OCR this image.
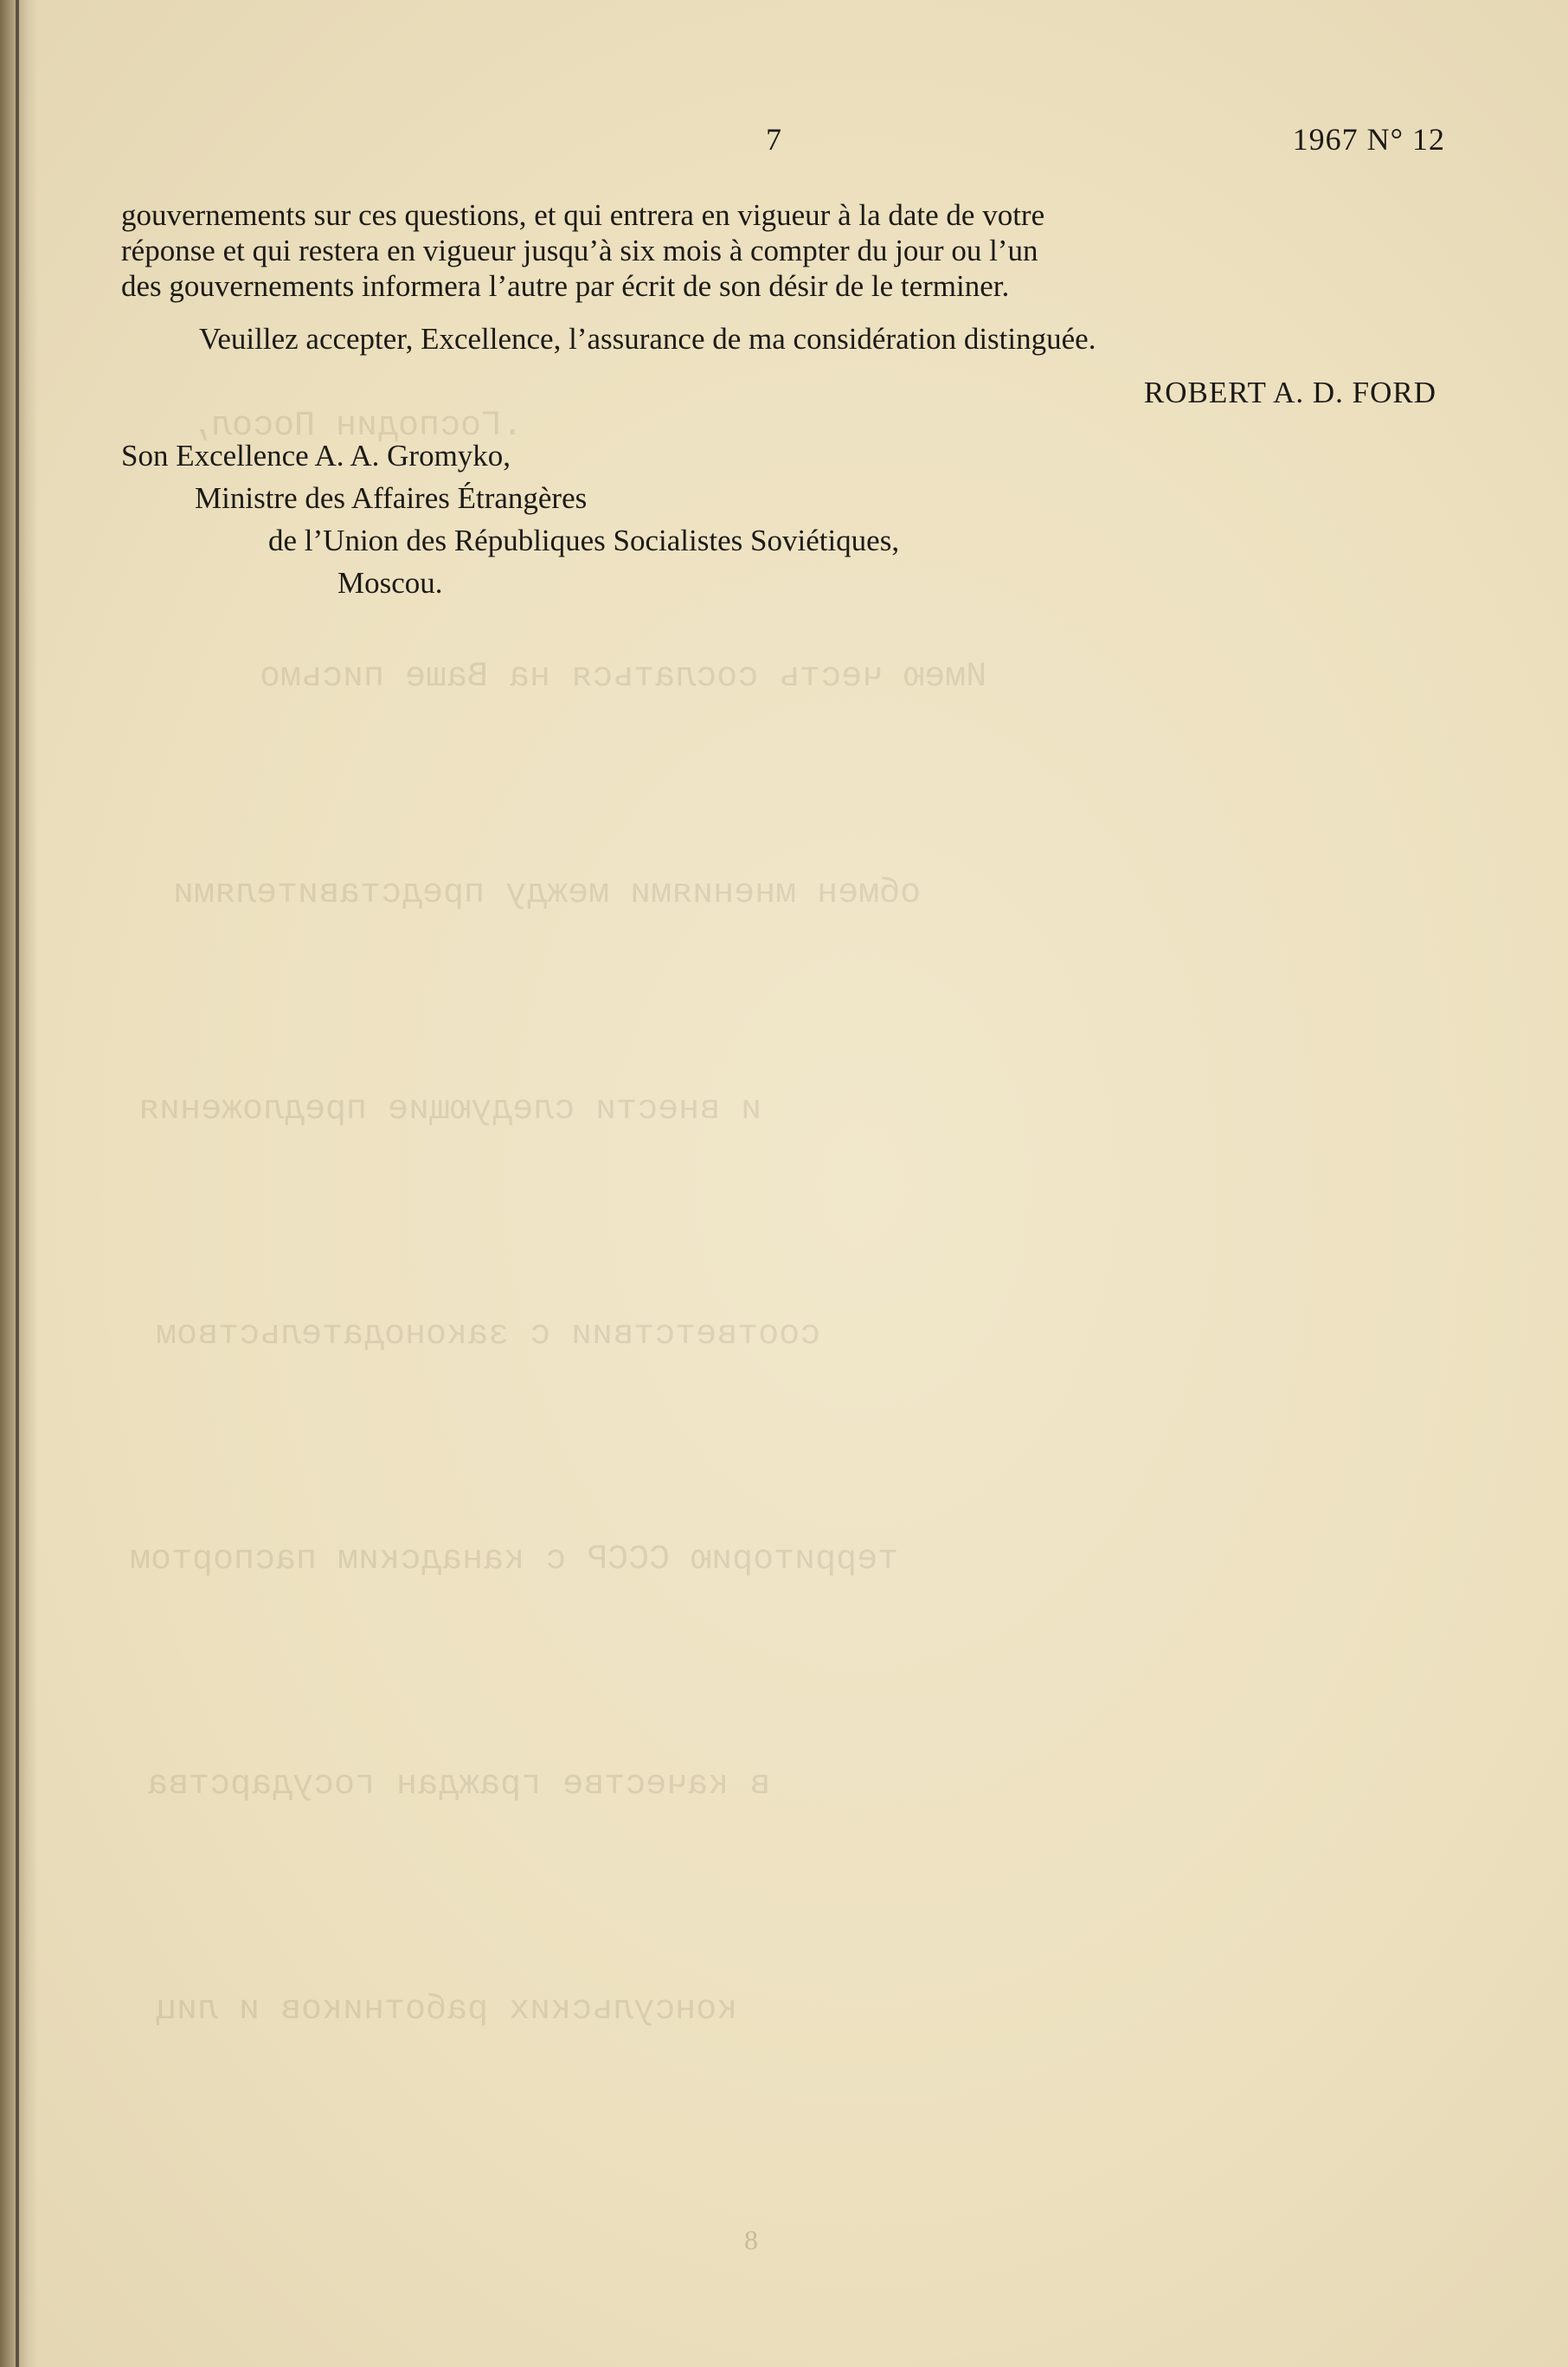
.Господин Посол,
Имею честь сослаться на Ваше письмо
обмен мнениями между представителями
и внести следующие предложения
соответствии с законодательством
территорию СССР с канадским паспортом
в качестве граждан государства
консульских работников и лиц
8
7	1967 N° 12

gouvernements sur ces questions, et qui entrera en vigueur à la date de votre
réponse et qui restera en vigueur jusqu’à six mois à compter du jour ou l’un
des gouvernements informera l’autre par écrit de son désir de le terminer.

Veuillez accepter, Excellence, l’assurance de ma considération distinguée.

ROBERT A. D. FORD

Son Excellence A. A. Gromyko,
Ministre des Affaires Étrangères
de l’Union des Républiques Socialistes Soviétiques,
Moscou.
